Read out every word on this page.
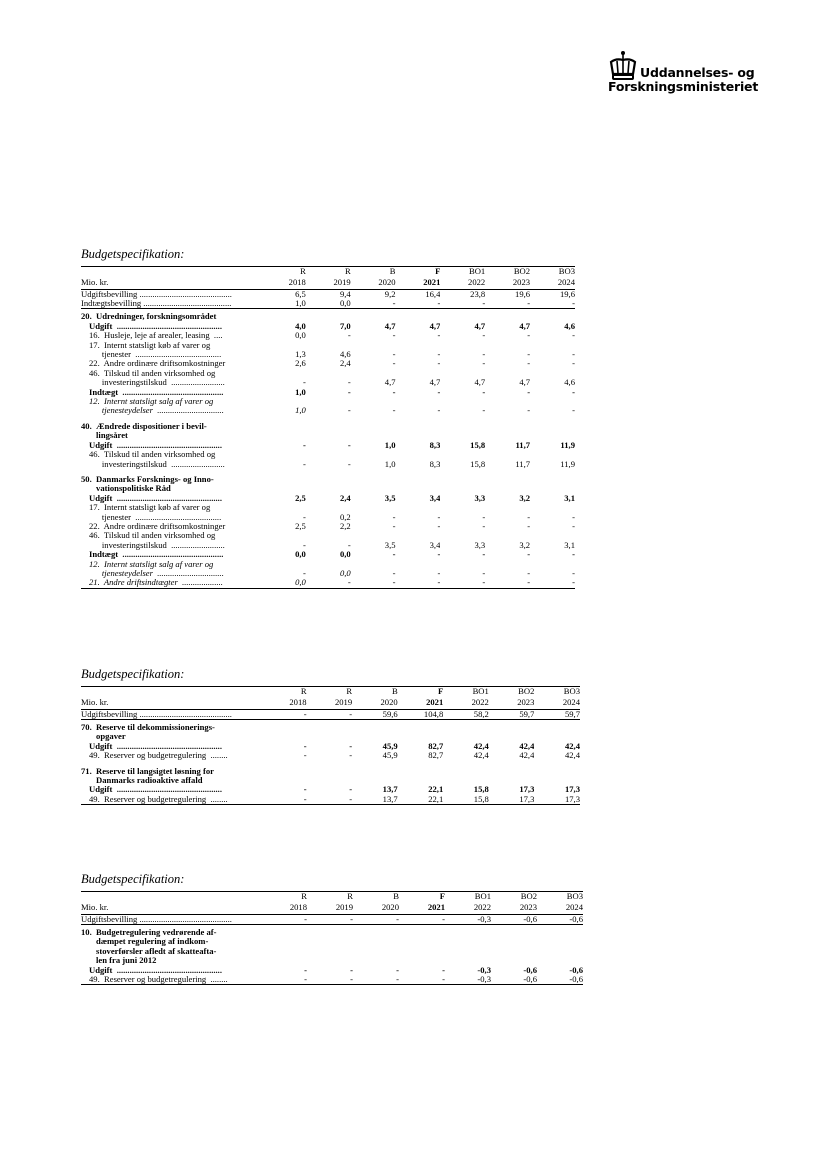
Uddannelses- og
Forskningsministeriet
Budgetspecifikation:
	R	R	B	F	BO1	BO2	BO3
Mio. kr.	2018	2019	2020	2021	2022	2023	2024
Udgiftsbevilling ...........................................	6,5	9,4	9,2	16,4	23,8	19,6	19,6
Indtægtsbevilling .........................................	1,0	0,0	-	-	-	-	-

20.  Udredninger, forskningsområdet							
Udgift  .................................................	4,0	7,0	4,7	4,7	4,7	4,7	4,6
16.  Husleje, leje af arealer, leasing  ....	0,0	-	-	-	-	-	-
17.  Internt statsligt køb af varer og							
tjenester  ........................................	1,3	4,6	-	-	-	-	-
22.  Andre ordinære driftsomkostninger	2,6	2,4	-	-	-	-	-
46.  Tilskud til anden virksomhed og							
investeringstilskud  .........................	-	-	4,7	4,7	4,7	4,7	4,6
Indtægt  ...............................................	1,0	-	-	-	-	-	-
12.  Internt statsligt salg af varer og							
tjenesteydelser  ...............................	1,0	-	-	-	-	-	-

40.  Ændrede dispositioner i bevil-							
lingsåret							
Udgift  .................................................	-	-	1,0	8,3	15,8	11,7	11,9
46.  Tilskud til anden virksomhed og							
investeringstilskud  .........................	-	-	1,0	8,3	15,8	11,7	11,9

50.  Danmarks Forsknings- og Inno-							
vationspolitiske Råd							
Udgift  .................................................	2,5	2,4	3,5	3,4	3,3	3,2	3,1
17.  Internt statsligt køb af varer og							
tjenester  ........................................	-	0,2	-	-	-	-	-
22.  Andre ordinære driftsomkostninger	2,5	2,2	-	-	-	-	-
46.  Tilskud til anden virksomhed og							
investeringstilskud  .........................	-	-	3,5	3,4	3,3	3,2	3,1
Indtægt  ...............................................	0,0	0,0	-	-	-	-	-
12.  Internt statsligt salg af varer og							
tjenesteydelser  ...............................	-	0,0	-	-	-	-	-
21.  Andre driftsindtægter  ...................	0,0	-	-	-	-	-	-
Budgetspecifikation:
	R	R	B	F	BO1	BO2	BO3
Mio. kr.	2018	2019	2020	2021	2022	2023	2024
Udgiftsbevilling ...........................................	-	-	59,6	104,8	58,2	59,7	59,7

70.  Reserve til dekommissionerings-							
opgaver							
Udgift  .................................................	-	-	45,9	82,7	42,4	42,4	42,4
49.  Reserver og budgetregulering  ........	-	-	45,9	82,7	42,4	42,4	42,4

71.  Reserve til langsigtet løsning for							
Danmarks radioaktive affald							
Udgift  .................................................	-	-	13,7	22,1	15,8	17,3	17,3
49.  Reserver og budgetregulering  ........	-	-	13,7	22,1	15,8	17,3	17,3
Budgetspecifikation:
	R	R	B	F	BO1	BO2	BO3
Mio. kr.	2018	2019	2020	2021	2022	2023	2024
Udgiftsbevilling ...........................................	-	-	-	-	-0,3	-0,6	-0,6

10.  Budgetregulering vedrørende af-							
dæmpet regulering af indkom-							
stoverførsler afledt af skatteafta-							
len fra juni 2012							
Udgift  .................................................	-	-	-	-	-0,3	-0,6	-0,6
49.  Reserver og budgetregulering  ........	-	-	-	-	-0,3	-0,6	-0,6
